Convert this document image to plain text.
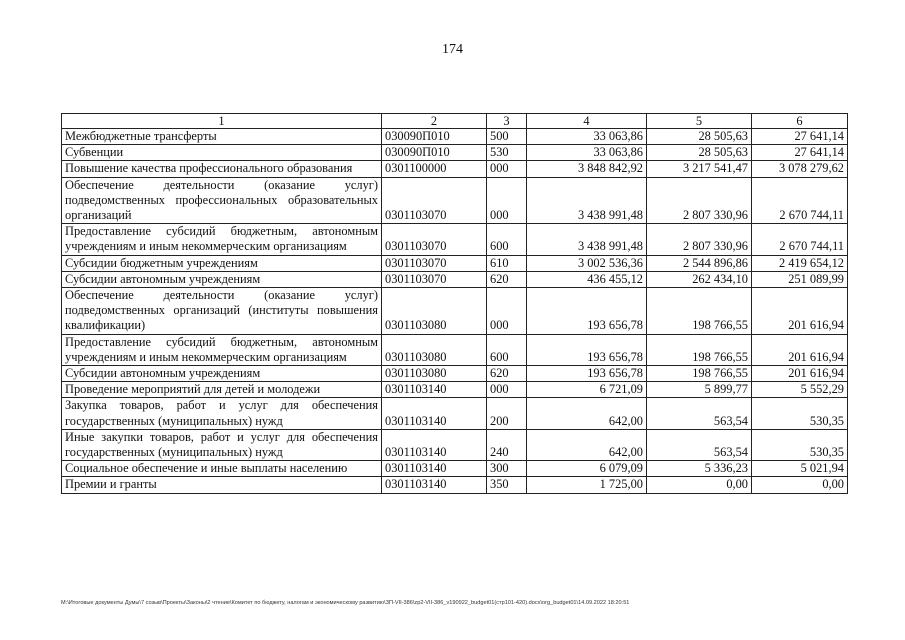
174
1	2	3	4	5	6
Межбюджетные трансферты	030090П010	500	33 063,86	28 505,63	27 641,14
Субвенции	030090П010	530	33 063,86	28 505,63	27 641,14
Повышение качества профессионального образования	0301100000	000	3 848 842,92	3 217 541,47	3 078 279,62
Обеспечение деятельности (оказание услуг) подведомственных профессиональных образовательных организаций	0301103070	000	3 438 991,48	2 807 330,96	2 670 744,11
Предоставление субсидий бюджетным, автономным учреждениям и иным некоммерческим организациям	0301103070	600	3 438 991,48	2 807 330,96	2 670 744,11
Субсидии бюджетным учреждениям	0301103070	610	3 002 536,36	2 544 896,86	2 419 654,12
Субсидии автономным учреждениям	0301103070	620	436 455,12	262 434,10	251 089,99
Обеспечение деятельности (оказание услуг) подведомственных организаций (институты повышения квалификации)	0301103080	000	193 656,78	198 766,55	201 616,94
Предоставление субсидий бюджетным, автономным учреждениям и иным некоммерческим организациям	0301103080	600	193 656,78	198 766,55	201 616,94
Субсидии автономным учреждениям	0301103080	620	193 656,78	198 766,55	201 616,94
Проведение мероприятий для детей и молодежи	0301103140	000	6 721,09	5 899,77	5 552,29
Закупка товаров, работ и услуг для обеспечения государственных (муниципальных) нужд	0301103140	200	642,00	563,54	530,35
Иные закупки товаров, работ и услуг для обеспечения государственных (муниципальных) нужд	0301103140	240	642,00	563,54	530,35
Социальное обеспечение и иные выплаты населению	0301103140	300	6 079,09	5 336,23	5 021,94
Премии и гранты	0301103140	350	1 725,00	0,00	0,00
M:\Итоговые документы Думы\7 созыв\Проекты\Законы\2 чтение\Комитет по бюджету, налогам и экономическому развитию\ЗП-VII-386\zp2-VII-386_v190922_budget01(стр101-420).docx\org_budget01\14.09.2022 18:20:51
